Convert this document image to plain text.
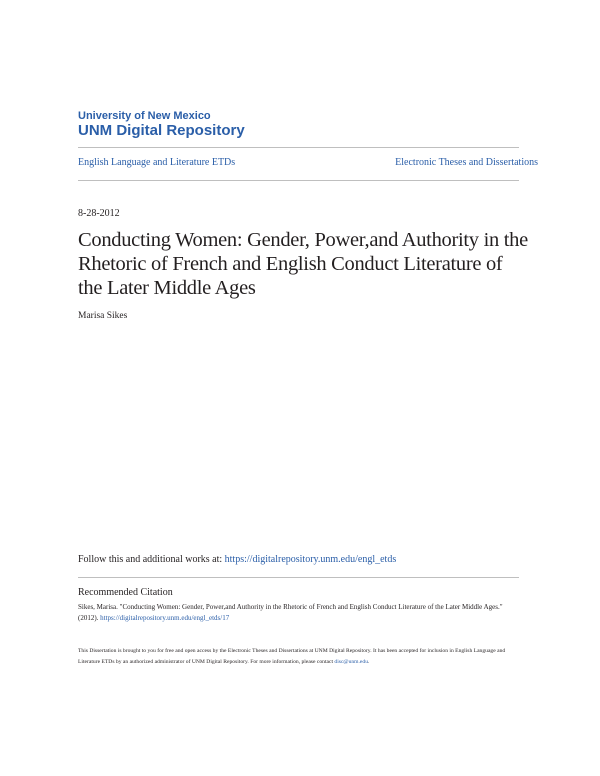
University of New Mexico
UNM Digital Repository
English Language and Literature ETDs	Electronic Theses and Dissertations
8-28-2012
Conducting Women: Gender, Power,and Authority in the Rhetoric of French and English Conduct Literature of the Later Middle Ages
Marisa Sikes
Follow this and additional works at: https://digitalrepository.unm.edu/engl_etds
Recommended Citation
Sikes, Marisa. "Conducting Women: Gender, Power,and Authority in the Rhetoric of French and English Conduct Literature of the Later Middle Ages." (2012). https://digitalrepository.unm.edu/engl_etds/17
This Dissertation is brought to you for free and open access by the Electronic Theses and Dissertations at UNM Digital Repository. It has been accepted for inclusion in English Language and Literature ETDs by an authorized administrator of UNM Digital Repository. For more information, please contact disc@unm.edu.
